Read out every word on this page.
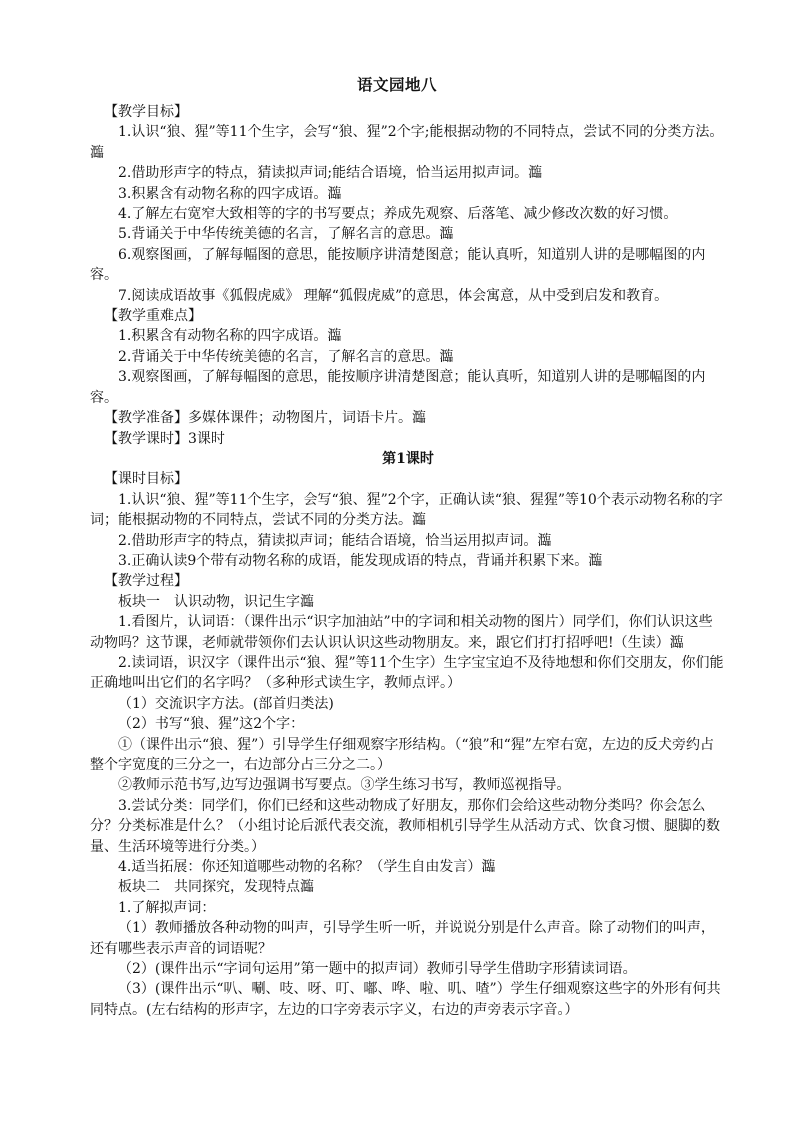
语文园地八

【教学目标】

1.认识“狼、猩”等11个生字，会写“狼、猩”2个字;能根据动物的不同特点，尝试不同的分类方法。瀶

2.借助形声字的特点，猜读拟声词;能结合语境，恰当运用拟声词。瀶

3.积累含有动物名称的四字成语。瀶

4.了解左右宽窄大致相等的字的书写要点；养成先观察、后落笔、减少修改次数的好习惯。

5.背诵关于中华传统美德的名言，了解名言的意思。瀶

6.观察图画，了解每幅图的意思，能按顺序讲清楚图意；能认真听，知道别人讲的是哪幅图的内容。

7.阅读成语故事《狐假虎威》 理解“狐假虎威”的意思，体会寓意，从中受到启发和教育。

【教学重难点】

1.积累含有动物名称的四字成语。瀶

2.背诵关于中华传统美德的名言，了解名言的意思。瀶

3.观察图画，了解每幅图的意思，能按顺序讲清楚图意；能认真听，知道别人讲的是哪幅图的内容。

【教学准备】多媒体课件；动物图片，词语卡片。瀶

【教学课时】3课时

第1课时

【课时目标】

1.认识“狼、猩”等11个生字，会写“狼、猩”2个字，正确认读“狼、猩猩”等10个表示动物名称的字词；能根据动物的不同特点，尝试不同的分类方法。瀶

2.借助形声字的特点，猜读拟声词；能结合语境，恰当运用拟声词。瀶

3.正确认读9个带有动物名称的成语，能发现成语的特点，背诵并积累下来。瀶

【教学过程】

板块一　认识动物，识记生字瀶

1.看图片，认词语：（课件出示“识字加油站”中的字词和相关动物的图片）同学们，你们认识这些动物吗？这节课，老师就带领你们去认识认识这些动物朋友。来，跟它们打打招呼吧!（生读）瀶

2.读词语，识汉字（课件出示“狼、猩”等11个生字）生字宝宝迫不及待地想和你们交朋友，你们能正确地叫出它们的名字吗？（多种形式读生字，教师点评。）

（1）交流识字方法。(部首归类法)

（2）书写“狼、猩”这2个字：

①（课件出示“狼、猩”）引导学生仔细观察字形结构。（“狼”和“猩”左窄右宽，左边的反犬旁约占整个字宽度的三分之一，右边部分占三分之二。）

②教师示范书写,边写边强调书写要点。③学生练习书写，教师巡视指导。

3.尝试分类：同学们，你们已经和这些动物成了好朋友，那你们会给这些动物分类吗？你会怎么分？分类标准是什么？（小组讨论后派代表交流，教师相机引导学生从活动方式、饮食习惯、腿脚的数量、生活环境等进行分类。）

4.适当拓展：你还知道哪些动物的名称？（学生自由发言）瀶

板块二　共同探究，发现特点瀶

1.了解拟声词：

（1）教师播放各种动物的叫声，引导学生听一听，并说说分别是什么声音。除了动物们的叫声，还有哪些表示声音的词语呢？

（2）(课件出示“字词句运用”第一题中的拟声词）教师引导学生借助字形猜读词语。

（3）(课件出示“叭、唰、吱、呀、叮、嘟、哗、啦、叽、喳”）学生仔细观察这些字的外形有何共同特点。(左右结构的形声字，左边的口字旁表示字义，右边的声旁表示字音。）
